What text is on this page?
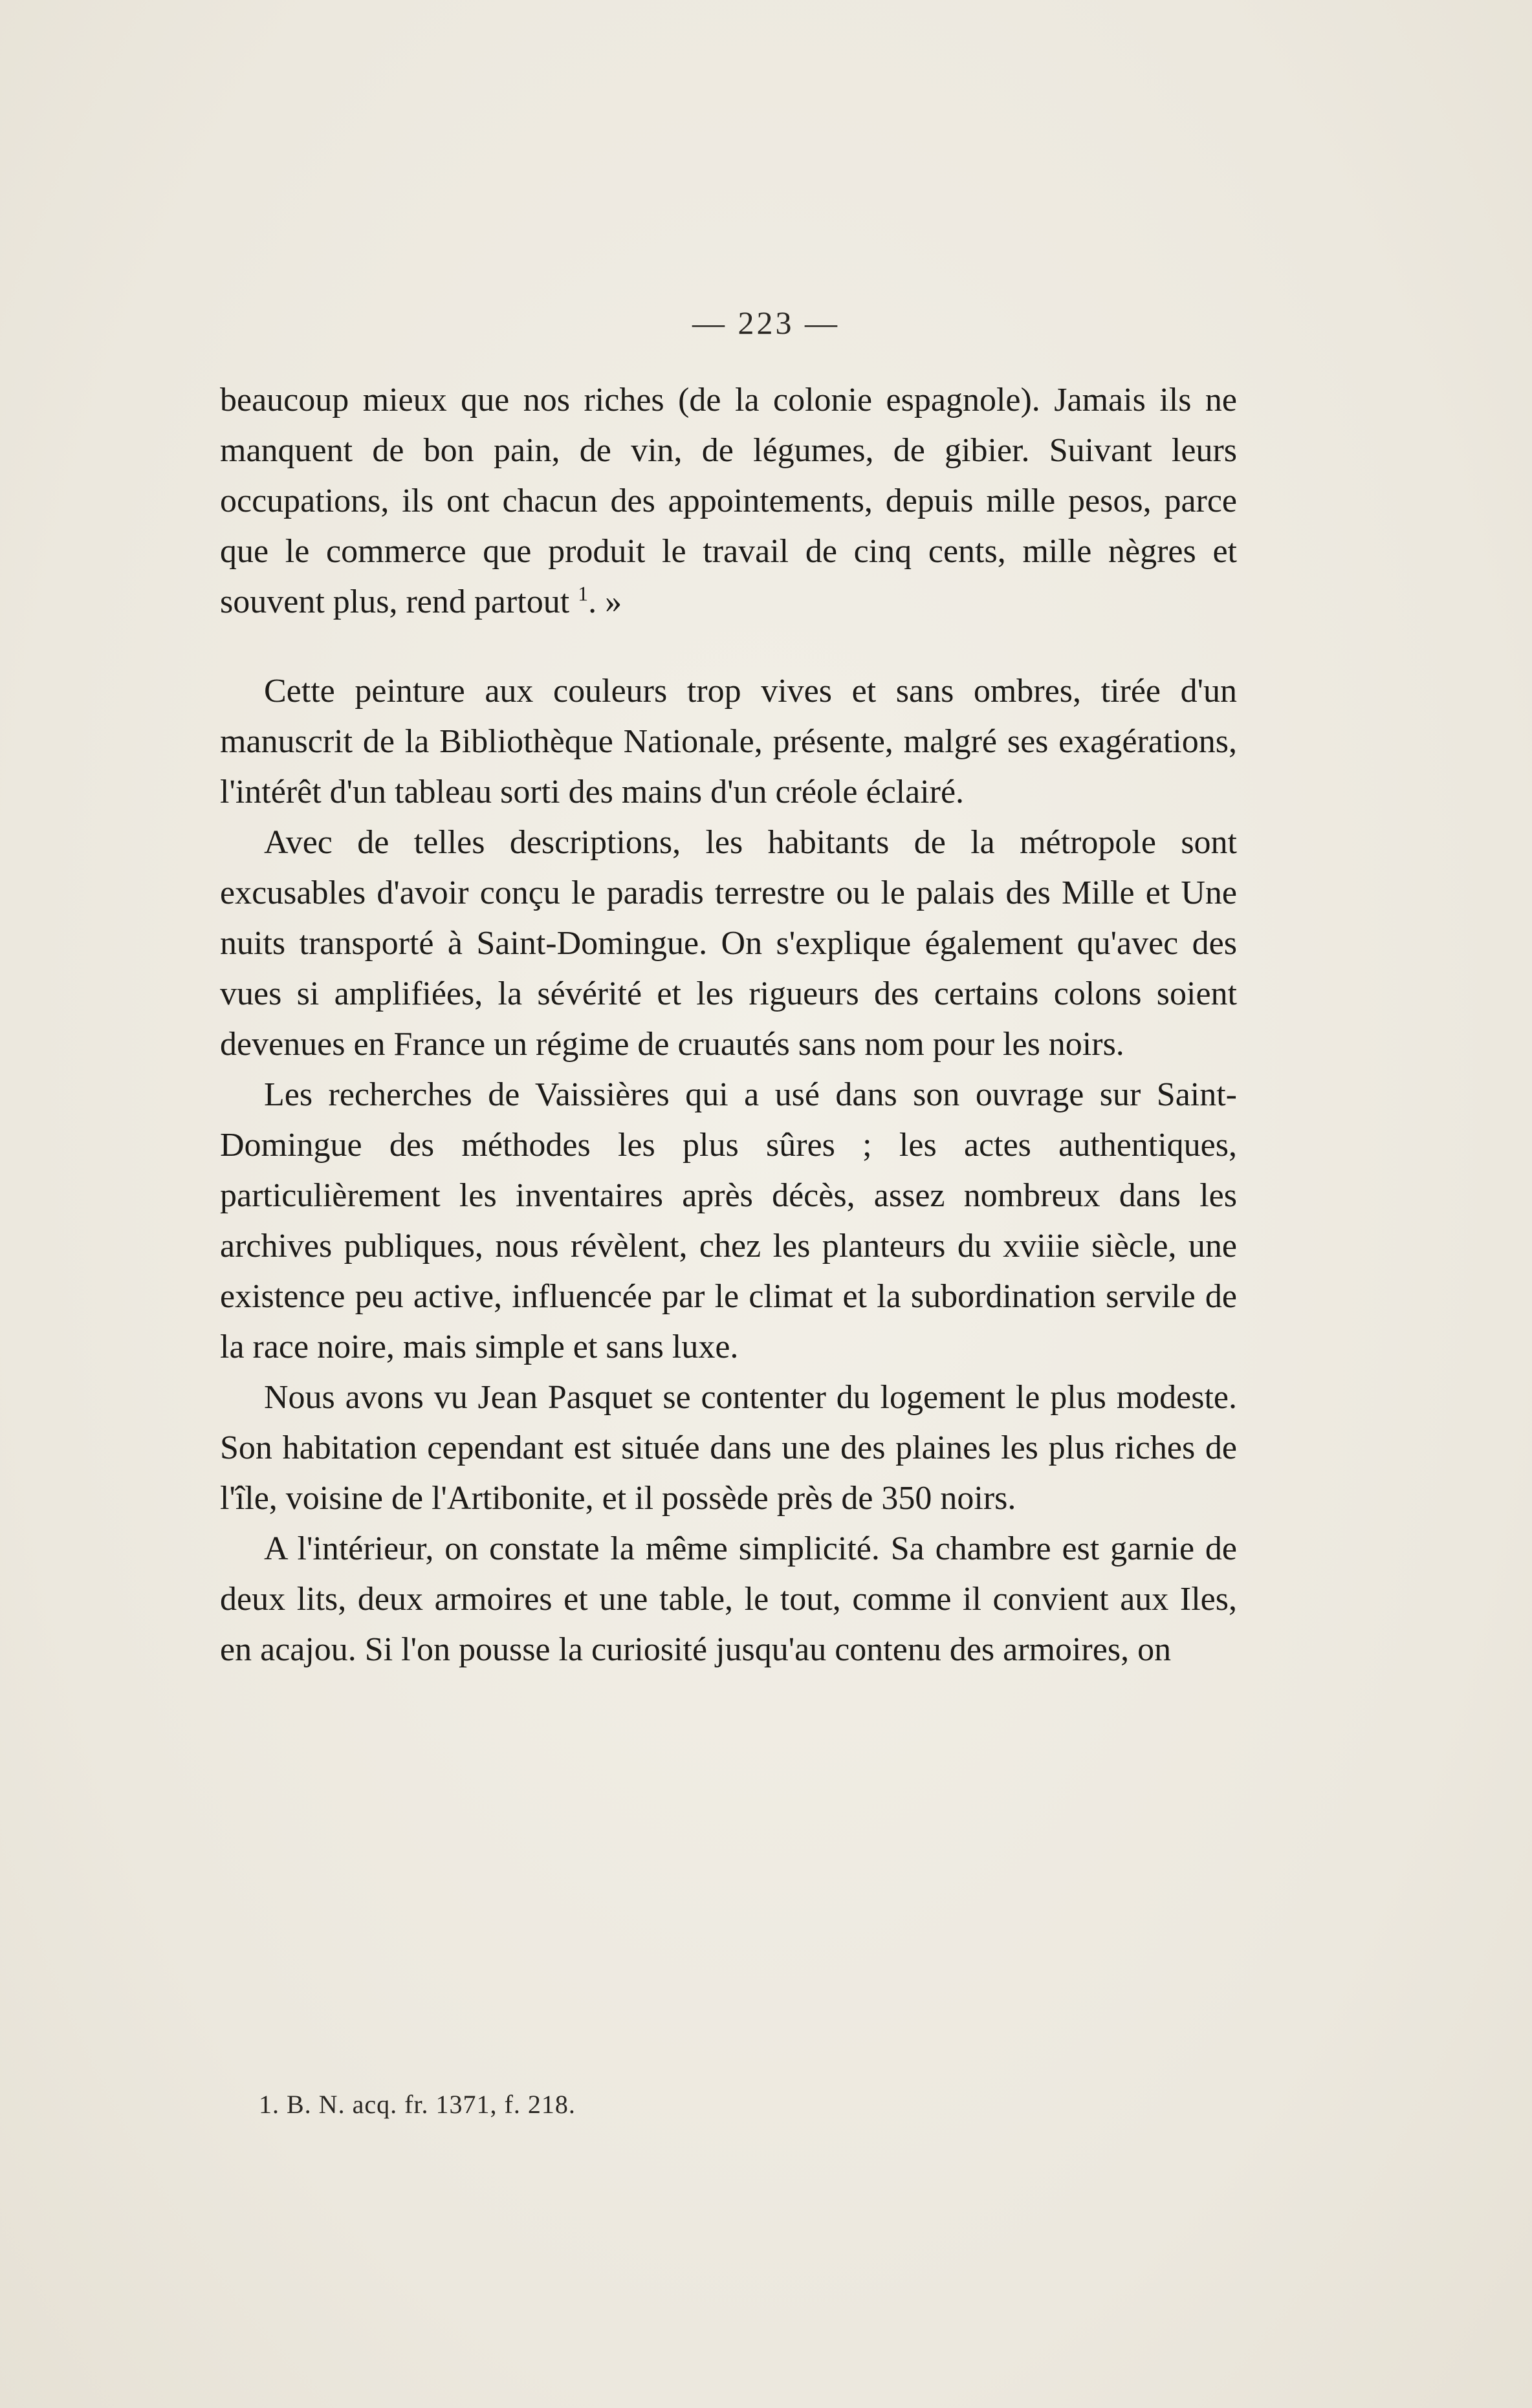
— 223 —

beaucoup mieux que nos riches (de la colonie espagnole). Jamais ils ne manquent de bon pain, de vin, de légumes, de gibier. Suivant leurs occupations, ils ont chacun des appointements, depuis mille pesos, parce que le commerce que produit le travail de cinq cents, mille nègres et souvent plus, rend partout $^1$. »

Cette peinture aux couleurs trop vives et sans ombres, tirée d'un manuscrit de la Bibliothèque Nationale, présente, malgré ses exagérations, l'intérêt d'un tableau sorti des mains d'un créole éclairé.

Avec de telles descriptions, les habitants de la métropole sont excusables d'avoir conçu le paradis terrestre ou le palais des Mille et Une nuits transporté à Saint-Domingue. On s'explique également qu'avec des vues si amplifiées, la sévérité et les rigueurs des certains colons soient devenues en France un régime de cruautés sans nom pour les noirs.

Les recherches de Vaissières qui a usé dans son ouvrage sur Saint-Domingue des méthodes les plus sûres ; les actes authentiques, particulièrement les inventaires après décès, assez nombreux dans les archives publiques, nous révèlent, chez les planteurs du xviiie siècle, une existence peu active, influencée par le climat et la subordination servile de la race noire, mais simple et sans luxe.

Nous avons vu Jean Pasquet se contenter du logement le plus modeste. Son habitation cependant est située dans une des plaines les plus riches de l'île, voisine de l'Artibonite, et il possède près de 350 noirs.

A l'intérieur, on constate la même simplicité. Sa chambre est garnie de deux lits, deux armoires et une table, le tout, comme il convient aux Iles, en acajou. Si l'on pousse la curiosité jusqu'au contenu des armoires, on

1. B. N. acq. fr. 1371, f. 218.
